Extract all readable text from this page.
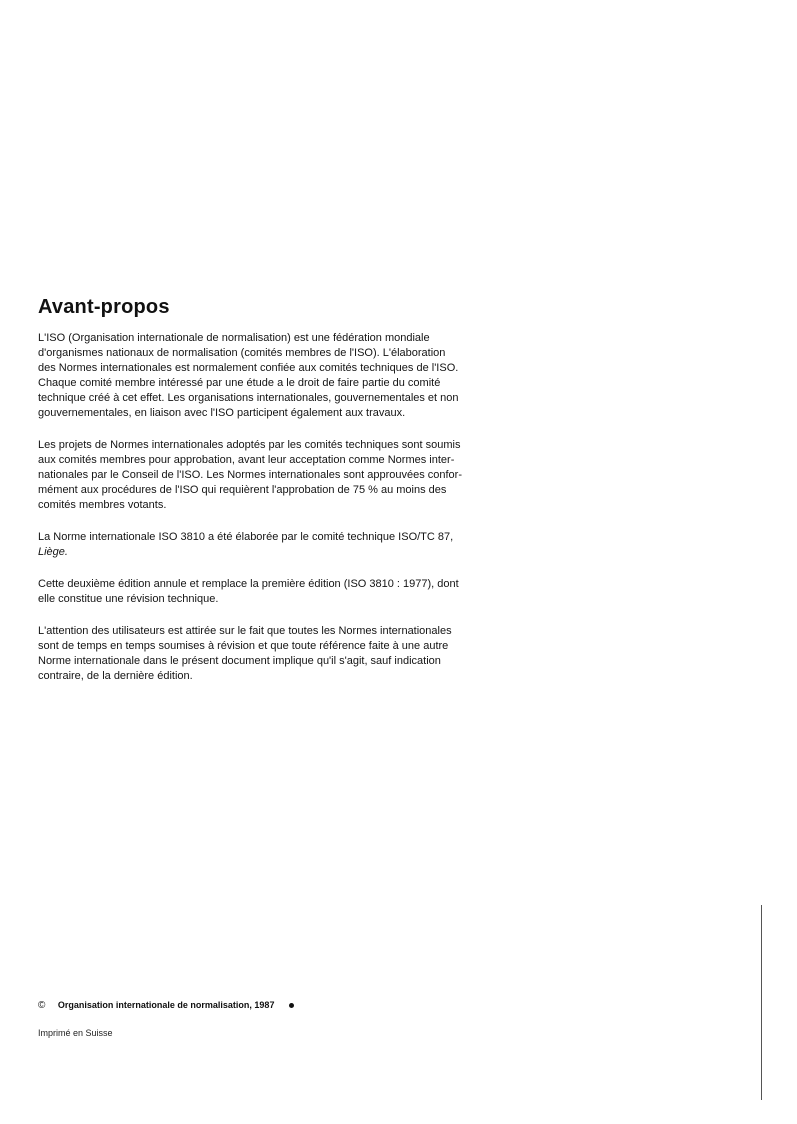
Avant-propos

L'ISO (Organisation internationale de normalisation) est une fédération mondiale
d'organismes nationaux de normalisation (comités membres de l'ISO). L'élaboration
des Normes internationales est normalement confiée aux comités techniques de l'ISO.
Chaque comité membre intéressé par une étude a le droit de faire partie du comité
technique créé à cet effet. Les organisations internationales, gouvernementales et non
gouvernementales, en liaison avec l'ISO participent également aux travaux.

Les projets de Normes internationales adoptés par les comités techniques sont soumis
aux comités membres pour approbation, avant leur acceptation comme Normes inter-
nationales par le Conseil de l'ISO. Les Normes internationales sont approuvées confor-
mément aux procédures de l'ISO qui requièrent l'approbation de 75 % au moins des
comités membres votants.

La Norme internationale ISO 3810 a été élaborée par le comité technique ISO/TC 87,
Liège.

Cette deuxième édition annule et remplace la première édition (ISO 3810 : 1977), dont
elle constitue une révision technique.

L'attention des utilisateurs est attirée sur le fait que toutes les Normes internationales
sont de temps en temps soumises à révision et que toute référence faite à une autre
Norme internationale dans le présent document implique qu'il s'agit, sauf indication
contraire, de la dernière édition.

© Organisation internationale de normalisation, 1987
Imprimé en Suisse
